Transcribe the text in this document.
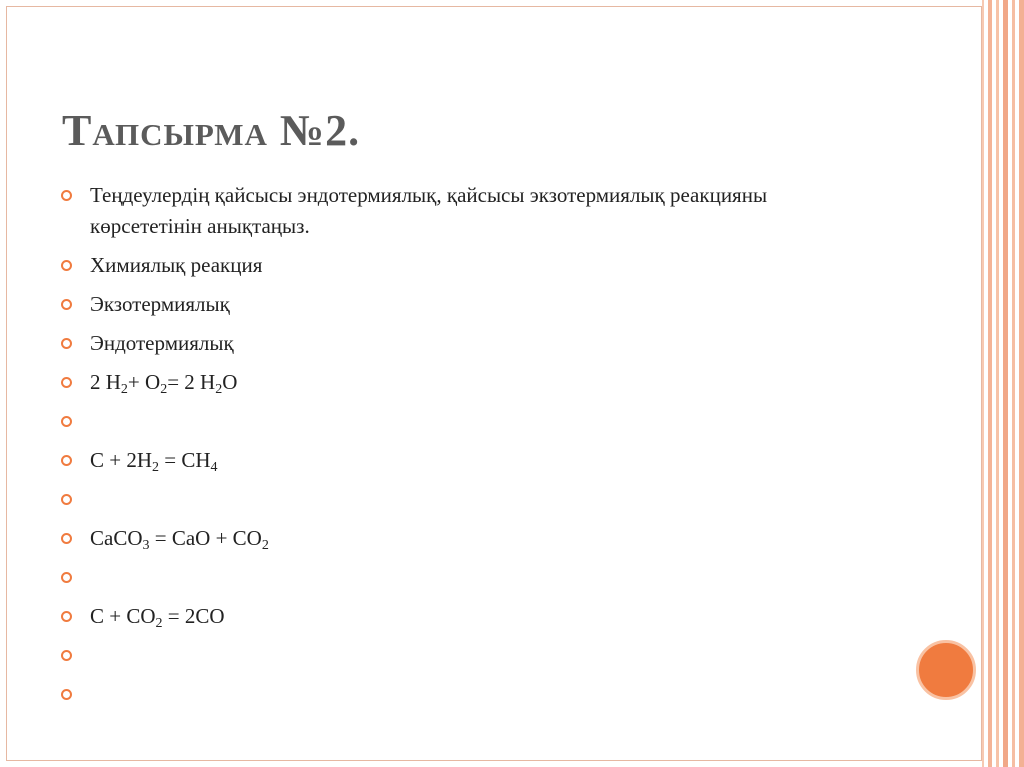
Тапсырма №2.
Теңдеулердің қайсысы эндотермиялық, қайсысы экзотермиялық реакцияны көрсететінін анықтаңыз.
Химиялық реакция
Экзотермиялық
Эндотермиялық
2 $H_2+ O_2= 2$ $H_2O$
$C + 2H_2 = CH_4$
CaCO$_3$ = CaO + $CO_2$
$C + CO_2 = 2CO$
